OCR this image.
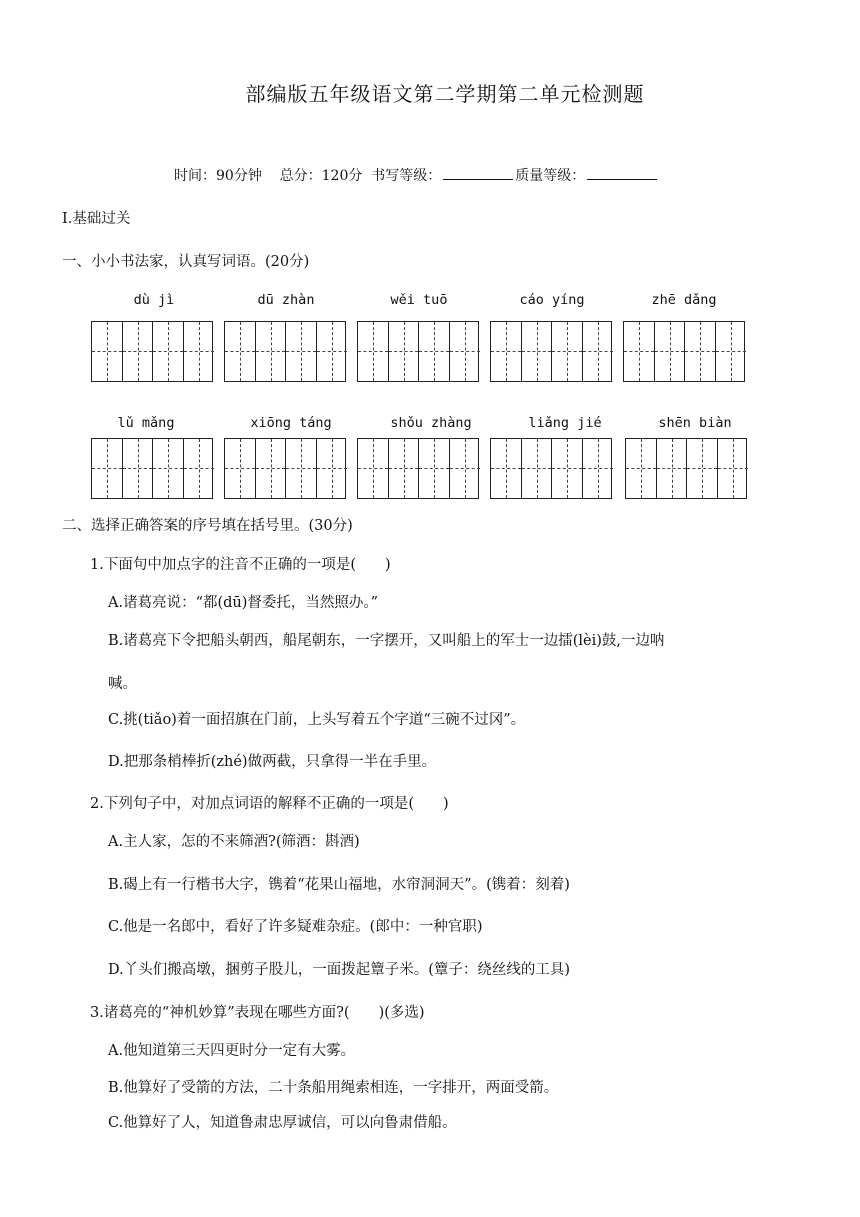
部编版五年级语文第二学期第二单元检测题
时间：90分钟 总分：120分 书写等级：	质量等级：
Ⅰ.基础过关
一、小小书法家，认真写词语。(20分)
dù jì	dū zhàn	wěi tuō	cáo yíng	zhē dǎng
lǔ mǎng	xiōng táng	shǒu zhàng	liǎng jié	shēn biàn
二、选择正确答案的序号填在括号里。(30分)
1.下面句中加点字的注音不正确的一项是(　　)
A.诸葛亮说：“都(dū)督委托，当然照办。”
B.诸葛亮下令把船头朝西，船尾朝东，一字摆开，又叫船上的军士一边擂(lèi)鼓,一边呐
喊。
C.挑(tiǎo)着一面招旗在门前，上头写着五个字道“三碗不过冈”。
D.把那条梢棒折(zhé)做两截，只拿得一半在手里。
2.下列句子中，对加点词语的解释不正确的一项是(　　)
A.主人家，怎的不来筛酒?(筛酒：斟酒)
B.碣上有一行楷书大字，镌着“花果山福地，水帘洞洞天”。(镌着：刻着)
C.他是一名郎中，看好了许多疑难杂症。(郎中：一种官职)
D.丫头们搬高墩，捆剪子股儿，一面拨起簟子米。(簟子：绕丝线的工具)
3.诸葛亮的“神机妙算”表现在哪些方面?(　　)(多选)
A.他知道第三天四更时分一定有大雾。
B.他算好了受箭的方法，二十条船用绳索相连，一字排开，两面受箭。
C.他算好了人，知道鲁肃忠厚诚信，可以向鲁肃借船。
